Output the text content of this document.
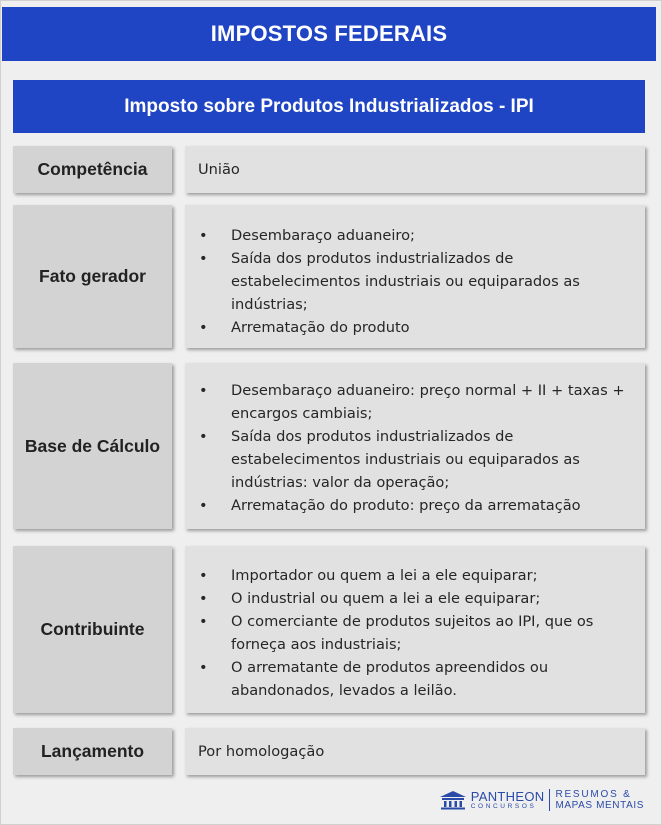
IMPOSTOS FEDERAIS
Imposto sobre Produtos Industrializados - IPI
Competência	União
Fato gerador
• Desembaraço aduaneiro;
• Saída dos produtos industrializados de estabelecimentos industriais ou equiparados as indústrias;
• Arrematação do produto
Base de Cálculo
• Desembaraço aduaneiro: preço normal + II + taxas + encargos cambiais;
• Saída dos produtos industrializados de estabelecimentos industriais ou equiparados as indústrias: valor da operação;
• Arrematação do produto: preço da arrematação
Contribuinte
• Importador ou quem a lei a ele equiparar;
• O industrial ou quem a lei a ele equiparar;
• O comerciante de produtos sujeitos ao IPI, que os forneça aos industriais;
• O arrematante de produtos apreendidos ou abandonados, levados a leilão.
Lançamento	Por homologação
PANTHEON
CONCURSOS
RESUMOS &
MAPAS MENTAIS
